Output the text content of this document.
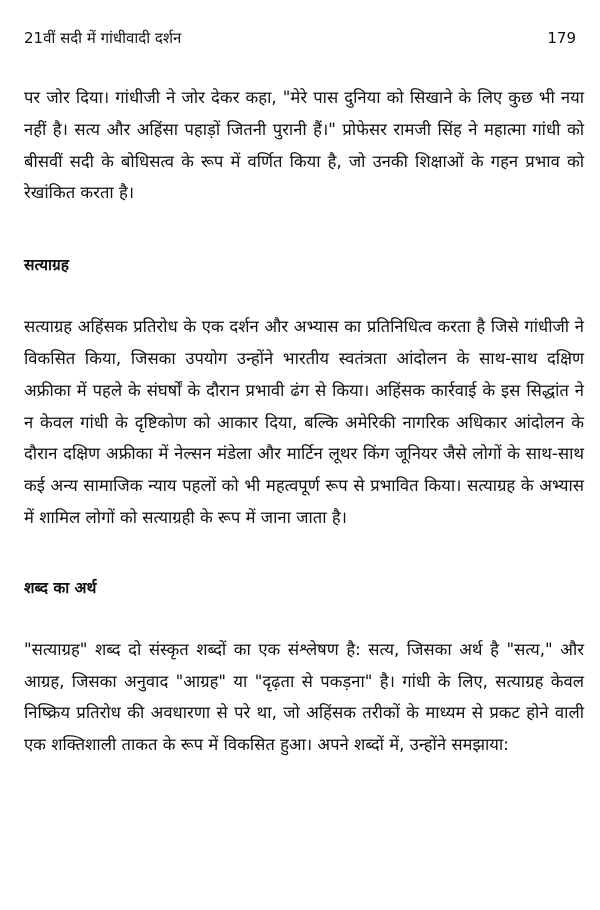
21वीं सदी में गांधीवादी दर्शन	179

पर जोर दिया। गांधीजी ने जोर देकर कहा, "मेरे पास दुनिया को सिखाने के लिए कुछ भी नया नहीं है। सत्य और अहिंसा पहाड़ों जितनी पुरानी हैं।" प्रोफेसर रामजी सिंह ने महात्मा गांधी को बीसवीं सदी के बोधिसत्व के रूप में वर्णित किया है, जो उनकी शिक्षाओं के गहन प्रभाव को रेखांकित करता है।

सत्याग्रह

सत्याग्रह अहिंसक प्रतिरोध के एक दर्शन और अभ्यास का प्रतिनिधित्व करता है जिसे गांधीजी ने विकसित किया, जिसका उपयोग उन्होंने भारतीय स्वतंत्रता आंदोलन के साथ-साथ दक्षिण अफ्रीका में पहले के संघर्षों के दौरान प्रभावी ढंग से किया। अहिंसक कार्रवाई के इस सिद्धांत ने न केवल गांधी के दृष्टिकोण को आकार दिया, बल्कि अमेरिकी नागरिक अधिकार आंदोलन के दौरान दक्षिण अफ्रीका में नेल्सन मंडेला और मार्टिन लूथर किंग जूनियर जैसे लोगों के साथ-साथ कई अन्य सामाजिक न्याय पहलों को भी महत्वपूर्ण रूप से प्रभावित किया। सत्याग्रह के अभ्यास में शामिल लोगों को सत्याग्रही के रूप में जाना जाता है।

शब्द का अर्थ

"सत्याग्रह" शब्द दो संस्कृत शब्दों का एक संश्लेषण है: सत्य, जिसका अर्थ है "सत्य," और आग्रह, जिसका अनुवाद "आग्रह" या "दृढ़ता से पकड़ना" है। गांधी के लिए, सत्याग्रह केवल निष्क्रिय प्रतिरोध की अवधारणा से परे था, जो अहिंसक तरीकों के माध्यम से प्रकट होने वाली एक शक्तिशाली ताकत के रूप में विकसित हुआ। अपने शब्दों में, उन्होंने समझाया:
